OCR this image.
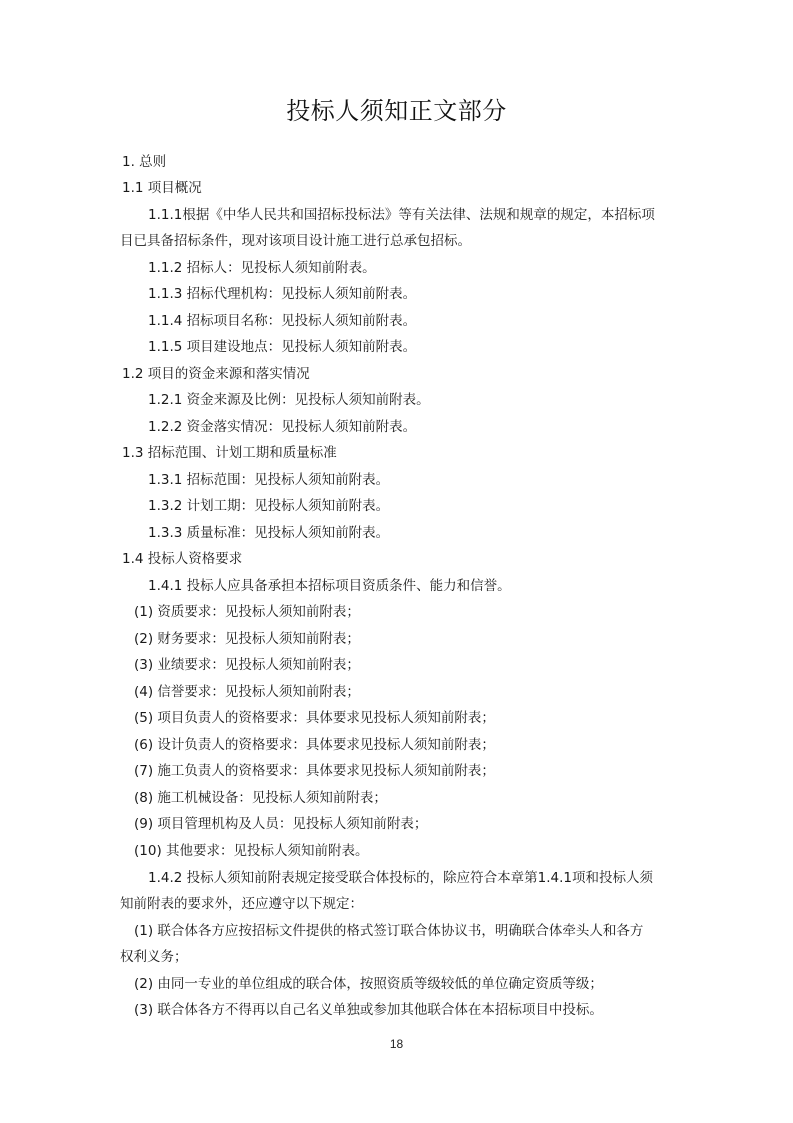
投标人须知正文部分
1. 总则
1.1 项目概况
1.1.1根据《中华人民共和国招标投标法》等有关法律、法规和规章的规定，本招标项
目已具备招标条件，现对该项目设计施工进行总承包招标。
1.1.2 招标人：见投标人须知前附表。
1.1.3 招标代理机构：见投标人须知前附表。
1.1.4 招标项目名称：见投标人须知前附表。
1.1.5 项目建设地点：见投标人须知前附表。
1.2 项目的资金来源和落实情况
1.2.1 资金来源及比例：见投标人须知前附表。
1.2.2 资金落实情况：见投标人须知前附表。
1.3 招标范围、计划工期和质量标准
1.3.1 招标范围：见投标人须知前附表。
1.3.2 计划工期：见投标人须知前附表。
1.3.3 质量标准：见投标人须知前附表。
1.4 投标人资格要求
1.4.1 投标人应具备承担本招标项目资质条件、能力和信誉。
(1) 资质要求：见投标人须知前附表；
(2) 财务要求：见投标人须知前附表；
(3) 业绩要求：见投标人须知前附表；
(4) 信誉要求：见投标人须知前附表；
(5) 项目负责人的资格要求：具体要求见投标人须知前附表；
(6) 设计负责人的资格要求：具体要求见投标人须知前附表；
(7) 施工负责人的资格要求：具体要求见投标人须知前附表；
(8) 施工机械设备：见投标人须知前附表；
(9) 项目管理机构及人员：见投标人须知前附表；
(10) 其他要求：见投标人须知前附表。
1.4.2 投标人须知前附表规定接受联合体投标的，除应符合本章第1.4.1项和投标人须
知前附表的要求外，还应遵守以下规定：
(1) 联合体各方应按招标文件提供的格式签订联合体协议书，明确联合体牵头人和各方
权利义务；
(2) 由同一专业的单位组成的联合体，按照资质等级较低的单位确定资质等级；
(3) 联合体各方不得再以自己名义单独或参加其他联合体在本招标项目中投标。
18
